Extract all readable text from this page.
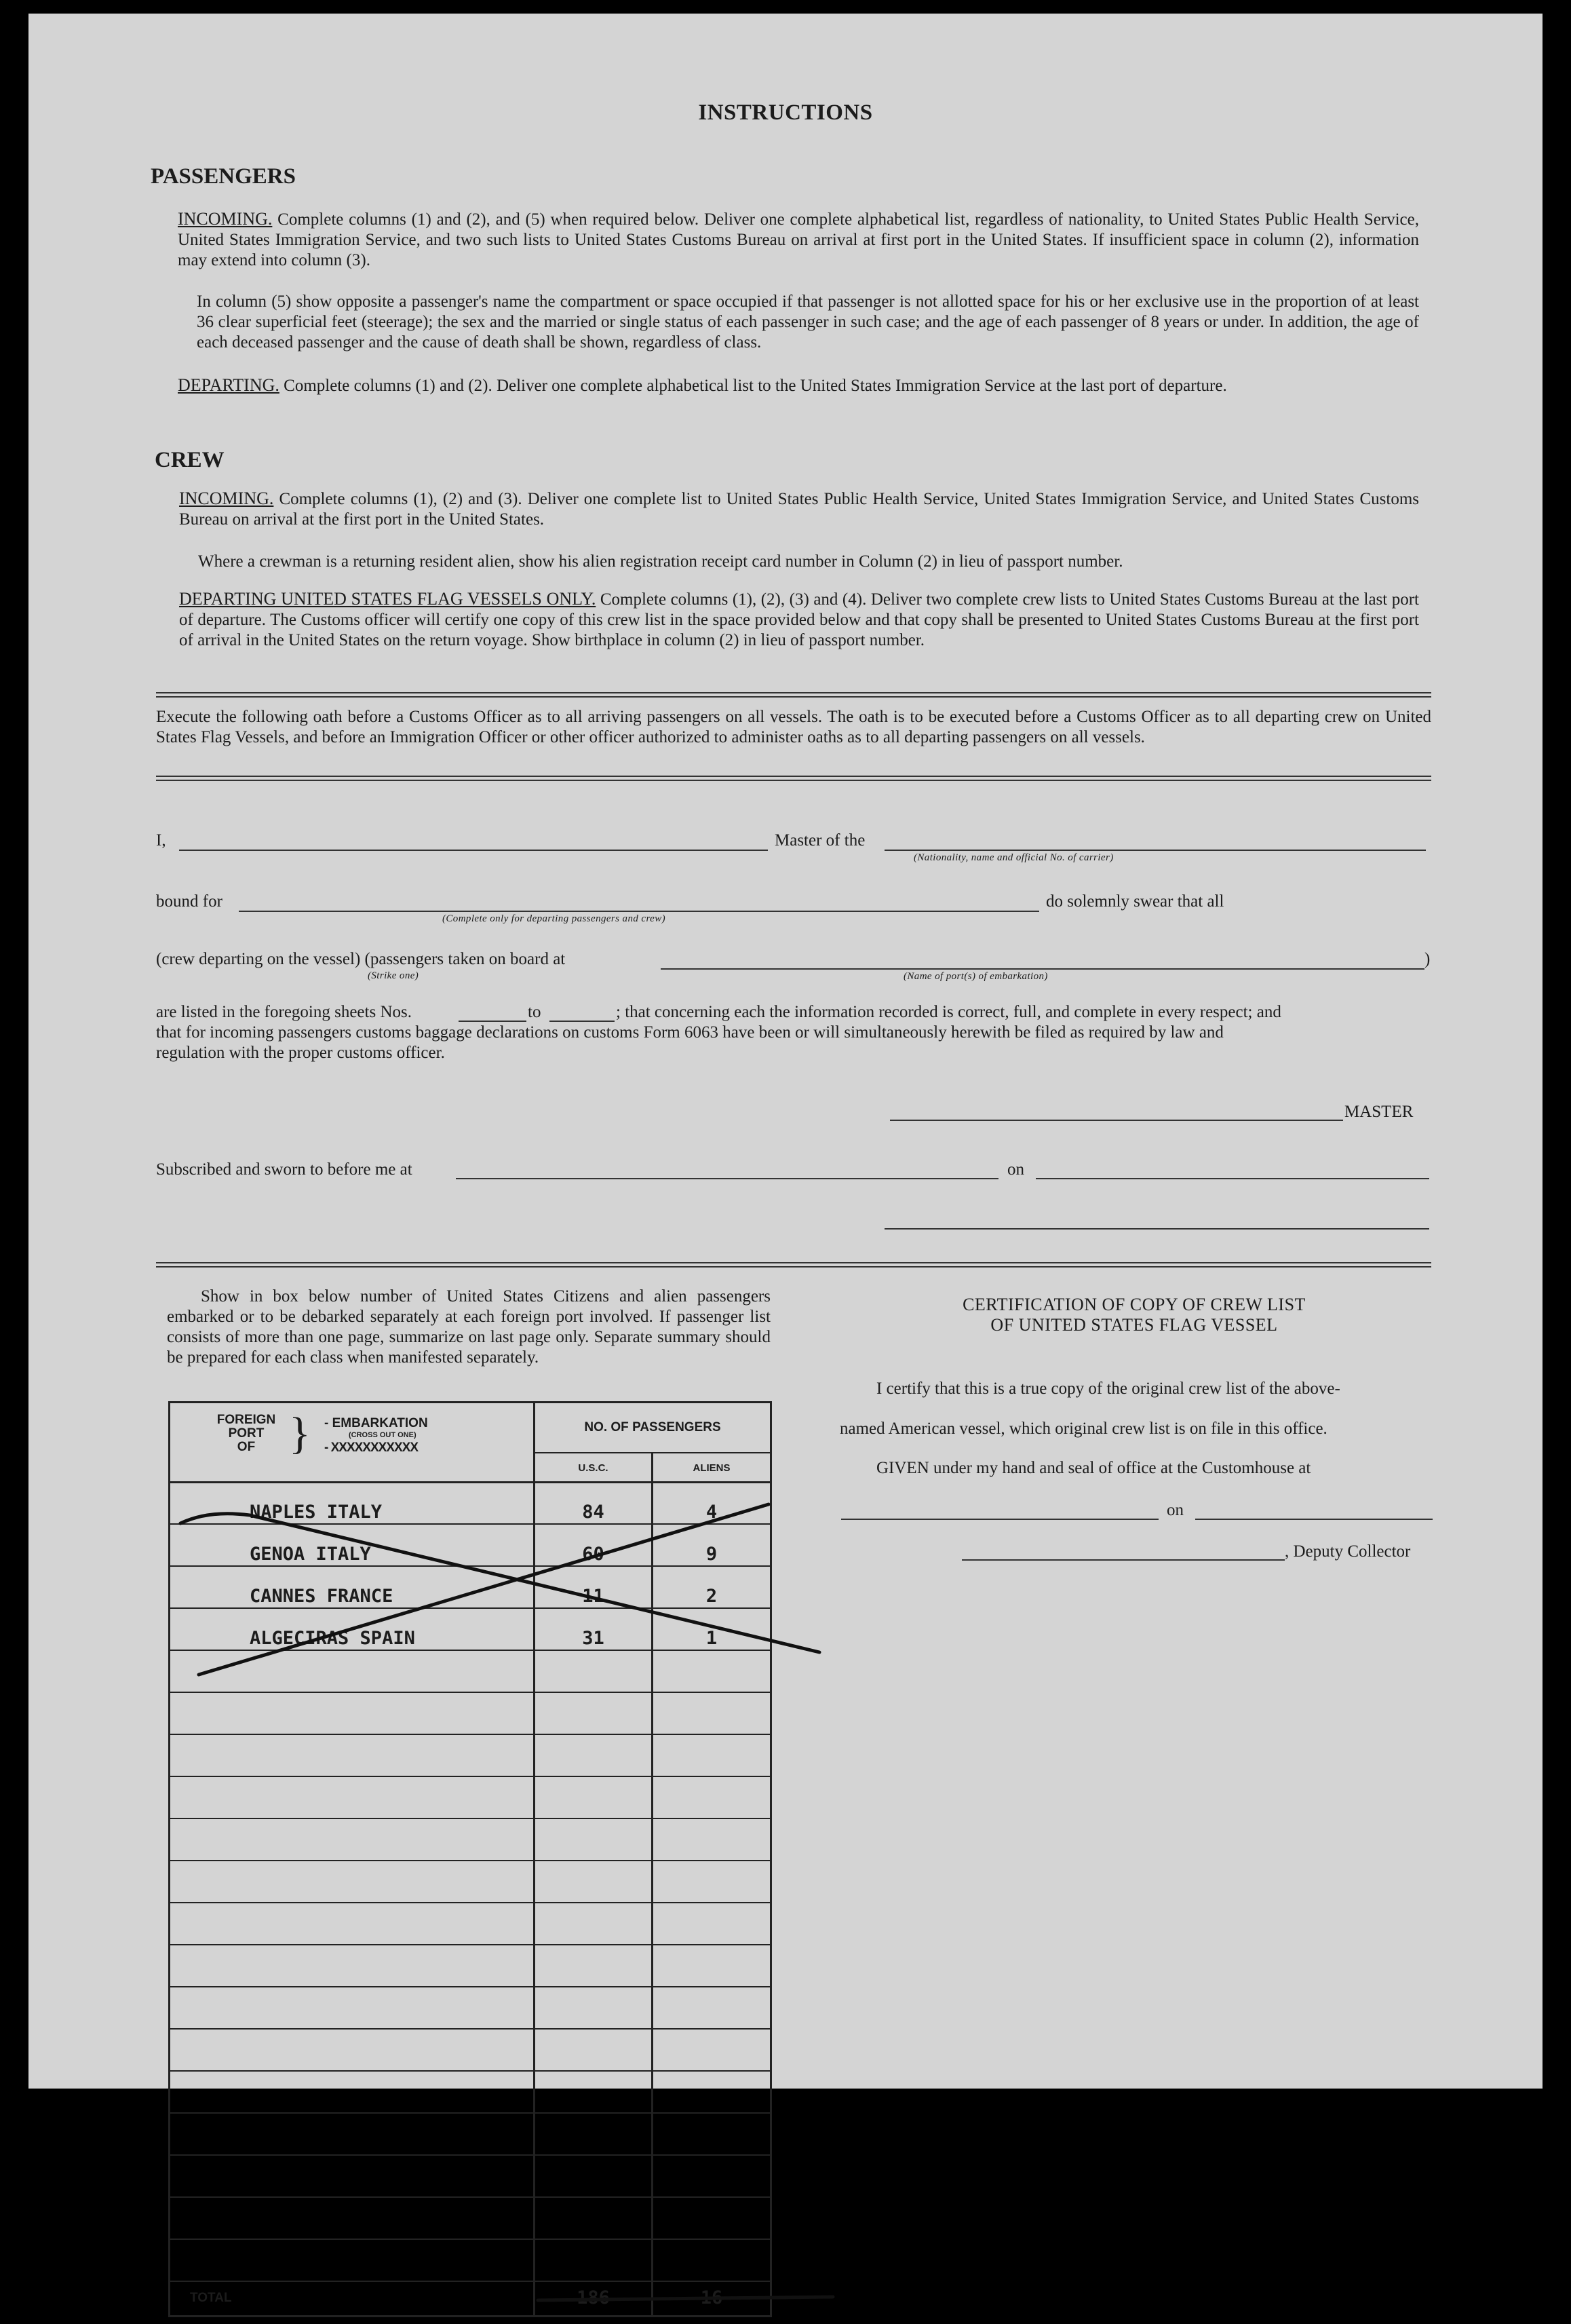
INSTRUCTIONS
PASSENGERS
INCOMING. Complete columns (1) and (2), and (5) when required below. Deliver one complete alphabetical list, regardless of nationality, to United States Public Health Service, United States Immigration Service, and two such lists to United States Customs Bureau on arrival at first port in the United States. If insufficient space in column (2), information may extend into column (3).
In column (5) show opposite a passenger's name the compartment or space occupied if that passenger is not allotted space for his or her exclusive use in the proportion of at least 36 clear superficial feet (steerage); the sex and the married or single status of each passenger in such case; and the age of each passenger of 8 years or under. In addition, the age of each deceased passenger and the cause of death shall be shown, regardless of class.
DEPARTING. Complete columns (1) and (2). Deliver one complete alphabetical list to the United States Immigration Service at the last port of departure.
CREW
INCOMING. Complete columns (1), (2) and (3). Deliver one complete list to United States Public Health Service, United States Immigration Service, and United States Customs Bureau on arrival at the first port in the United States.
Where a crewman is a returning resident alien, show his alien registration receipt card number in Column (2) in lieu of passport number.
DEPARTING UNITED STATES FLAG VESSELS ONLY. Complete columns (1), (2), (3) and (4). Deliver two complete crew lists to United States Customs Bureau at the last port of departure. The Customs officer will certify one copy of this crew list in the space provided below and that copy shall be presented to United States Customs Bureau at the first port of arrival in the United States on the return voyage. Show birthplace in column (2) in lieu of passport number.
Execute the following oath before a Customs Officer as to all arriving passengers on all vessels. The oath is to be executed before a Customs Officer as to all departing crew on United States Flag Vessels, and before an Immigration Officer or other officer authorized to administer oaths as to all departing passengers on all vessels.
I,	Master of the
(Nationality, name and official No. of carrier)
bound for
(Complete only for departing passengers and crew)
do solemnly swear that all
(crew departing on the vessel) (passengers taken on board at
(Strike one)	(Name of port(s) of embarkation)
)
are listed in the foregoing sheets Nos.	to	; that concerning each the information recorded is correct, full, and complete in every respect; and
that for incoming passengers customs baggage declarations on customs Form 6063 have been or will simultaneously herewith be filed as required by law and
regulation with the proper customs officer.
MASTER
Subscribed and sworn to before me at	on
Show in box below number of United States Citizens and alien passengers embarked or to be debarked separately at each foreign port involved. If passenger list consists of more than one page, summarize on last page only. Separate summary should be prepared for each class when manifested separately.
FOREIGN
PORT
OF } - EMBARKATION
(CROSS OUT ONE)
- XXXXXXXXXXX
NO. OF PASSENGERS
U.S.C.	ALIENS
NAPLES ITALY	84	4
GENOA ITALY	60	9
CANNES FRANCE	11	2
ALGECIRAS SPAIN	31	1
TOTAL	186	16
CERTIFICATION OF COPY OF CREW LIST
OF UNITED STATES FLAG VESSEL
I certify that this is a true copy of the original crew list of the above-
named American vessel, which original crew list is on file in this office.
GIVEN under my hand and seal of office at the Customhouse at
on
, Deputy Collector
